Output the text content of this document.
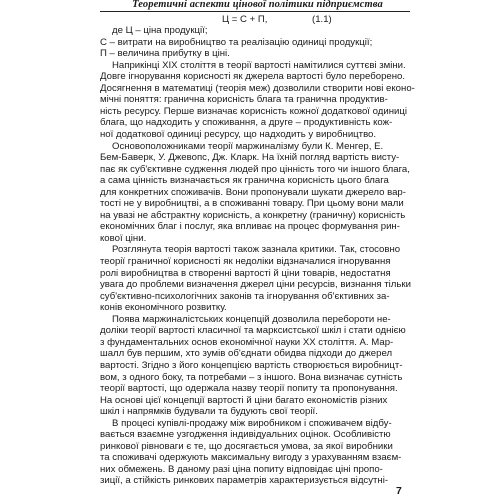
Теоретичні аспекти цінової політики підприємства
Ц = С + П,	(1.1)
де Ц – ціна продукції;
С – витрати на виробництво та реалізацію одиниці продукції;
П – величина прибутку в ціні.
Наприкінці XIX століття в теорії вартості намітилися суттєві зміни.
Довге ігнорування корисності як джерела вартості було переборено.
Досягнення в математиці (теорія меж) дозволили створити нові еконо-
мічні поняття: гранична корисність блага та гранична продуктив-
ність ресурсу. Перше визначає корисність кожної додаткової одиниці
блага, що надходить у споживання, а друге – продуктивність кож-
ної додаткової одиниці ресурсу, що надходить у виробництво.
Основоположниками теорії маржиналізму були К. Менгер, Е.
Бем-Баверк, У. Джевопс, Дж. Кларк. На їхній погляд вартість висту-
пає як суб'єктивне судження людей про цінність того чи іншого блага,
а сама цінність визначається як гранична корисність цього блага
для конкретних споживачів. Вони пропонували шукати джерело вар-
тості не у виробництві, а в споживанні товару. При цьому вони мали
на увазі не абстрактну корисність, а конкретну (граничну) корисність
економічних благ і послуг, яка впливає на процес формування рин-
кової ціни.
Розглянута теорія вартості також зазнала критики. Так, стосовно
теорії граничної корисності як недоліки відзначалися ігнорування
ролі виробництва в створенні вартості й ціни товарів, недостатня
увага до проблеми визначення джерел ціни ресурсів, визнання тільки
суб'єктивно-психологічних законів та ігнорування об'єктивних за-
конів економічного розвитку.
Поява маржиналістських концепцій дозволила перебороти не-
доліки теорії вартості класичної та марксистської шкіл і стати однією
з фундаментальних основ економічної науки XX століття. А. Мар-
шалл був першим, хто зумів об'єднати обидва підходи до джерел
вартості. Згідно з його концепцією вартість створюється виробницт-
вом, з одного боку, та потребами – з іншого. Вона визначає сутність
теорії вартості, що одержала назву теорії попиту та пропонування.
На основі цієї концепції вартості й ціни багато економістів різних
шкіл і напрямків будували та будують свої теорії.
В процесі купівлі-продажу між виробником і споживачем відбу-
вається взаємне узгодження індивідуальних оцінок. Особливістю
ринкової рівноваги є те, що досягається умова, за якої виробники
та споживачі одержують максимальну вигоду з урахуванням взаєм-
них обмежень. В даному разі ціна попиту відповідає ціні пропо-
зиції, а стійкість ринкових параметрів характеризується відсутні-
7
